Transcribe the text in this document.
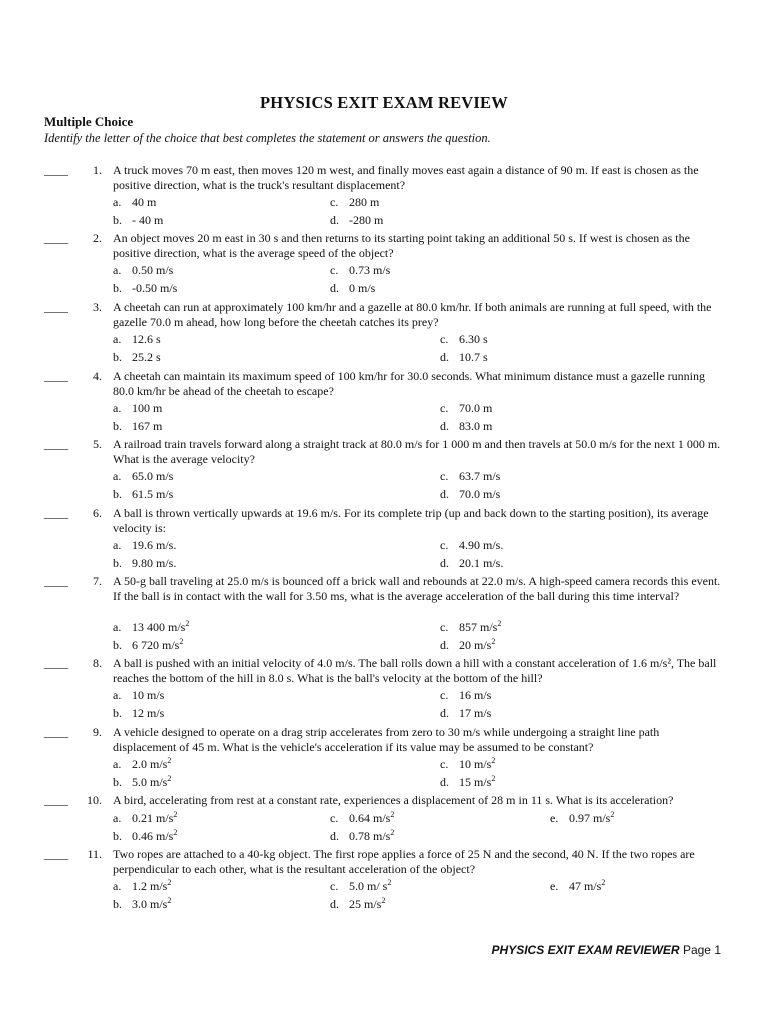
PHYSICS EXIT EXAM REVIEW
Multiple Choice
Identify the letter of the choice that best completes the statement or answers the question.
____	1. A truck moves 70 m east, then moves 120 m west, and finally moves east again a distance of 90 m. If east is chosen as the positive direction, what is the truck's resultant displacement?
a. 40 m
b. - 40 m
c. 280 m
d. -280 m
____	2. An object moves 20 m east in 30 s and then returns to its starting point taking an additional 50 s. If west is chosen as the positive direction, what is the average speed of the object?
a. 0.50 m/s
b. -0.50 m/s
c. 0.73 m/s
d. 0 m/s
____	3. A cheetah can run at approximately 100 km/hr and a gazelle at 80.0 km/hr. If both animals are running at full speed, with the gazelle 70.0 m ahead, how long before the cheetah catches its prey?
a. 12.6 s
b. 25.2 s
c. 6.30 s
d. 10.7 s
____	4. A cheetah can maintain its maximum speed of 100 km/hr for 30.0 seconds. What minimum distance must a gazelle running 80.0 km/hr be ahead of the cheetah to escape?
a. 100 m
b. 167 m
c. 70.0 m
d. 83.0 m
____	5. A railroad train travels forward along a straight track at 80.0 m/s for 1 000 m and then travels at 50.0 m/s for the next 1 000 m. What is the average velocity?
a. 65.0 m/s
b. 61.5 m/s
c. 63.7 m/s
d. 70.0 m/s
____	6. A ball is thrown vertically upwards at 19.6 m/s. For its complete trip (up and back down to the starting position), its average velocity is:
a. 19.6 m/s.
b. 9.80 m/s.
c. 4.90 m/s.
d. 20.1 m/s.
____	7. A 50-g ball traveling at 25.0 m/s is bounced off a brick wall and rebounds at 22.0 m/s. A high-speed camera records this event. If the ball is in contact with the wall for 3.50 ms, what is the average acceleration of the ball during this time interval?
a. 13 400 $m/s^2$
b. 6 720 $m/s^2$
c. 857 $m/s^2$
d. 20 $m/s^2$
____	8. A ball is pushed with an initial velocity of 4.0 m/s. The ball rolls down a hill with a constant acceleration of 1.6 m/s², The ball reaches the bottom of the hill in 8.0 s. What is the ball's velocity at the bottom of the hill?
a. 10 m/s
b. 12 m/s
c. 16 m/s
d. 17 m/s
____	9. A vehicle designed to operate on a drag strip accelerates from zero to 30 m/s while undergoing a straight line path displacement of 45 m. What is the vehicle's acceleration if its value may be assumed to be constant?
a. 2.0 $m/s^2$
b. 5.0 $m/s^2$
c. 10 $m/s^2$
d. 15 $m/s^2$
____	10. A bird, accelerating from rest at a constant rate, experiences a displacement of 28 m in 11 s. What is its acceleration?
a. 0.21 $m/s^2$
b. 0.46 $m/s^2$
c. 0.64 $m/s^2$
d. 0.78 $m/s^2$
e. 0.97 $m/s^2$
____	11. Two ropes are attached to a 40-kg object. The first rope applies a force of 25 N and the second, 40 N. If the two ropes are perpendicular to each other, what is the resultant acceleration of the object?
a. 1.2 $m/s^2$
b. 3.0 $m/s^2$
c. 5.0 m/ $s^2$
d. 25 $m/s^2$
e. 47 $m/s^2$
PHYSICS EXIT EXAM REVIEWER Page 1
